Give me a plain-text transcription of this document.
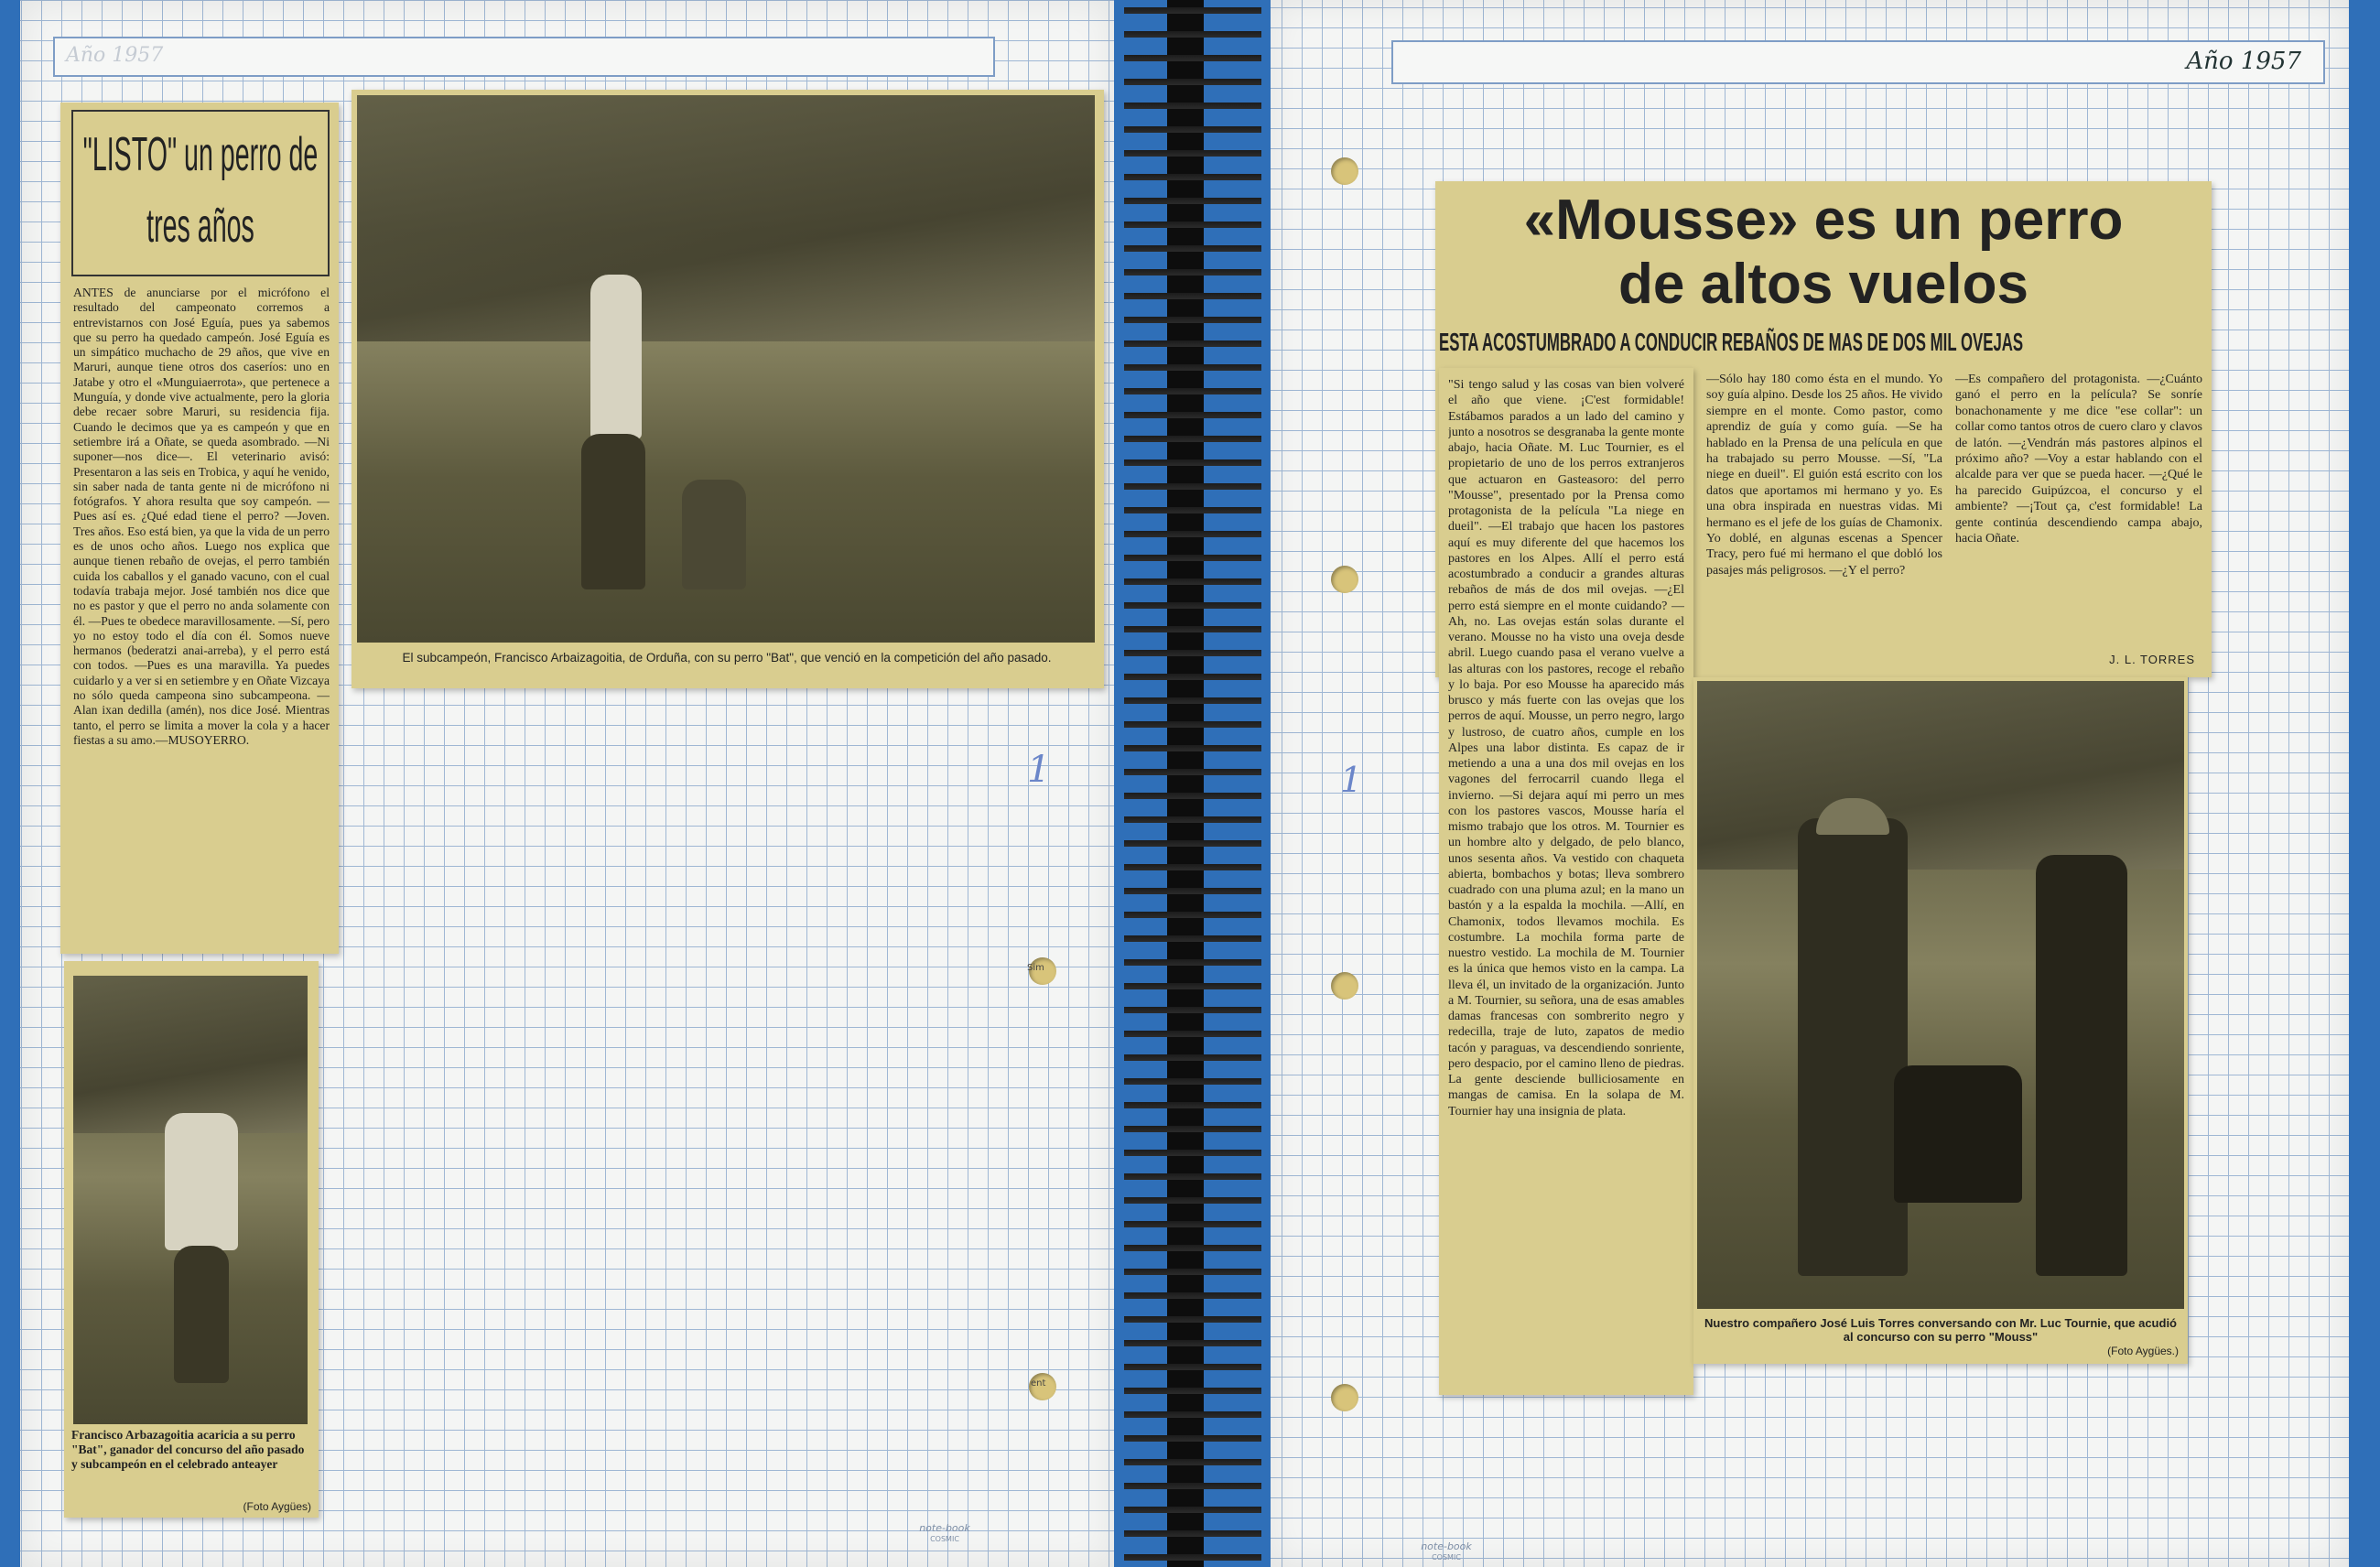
Año 1957
1
Sim
ent
note-book
COSMIC
Año 1957
1
note-book
COSMIC
"LISTO" un perro de tres años
ANTES de anunciarse por el micrófono el resultado del campeonato corremos a entrevistarnos con José Eguía, pues ya sabemos que su perro ha quedado campeón. José Eguía es un simpático muchacho de 29 años, que vive en Maruri, aunque tiene otros dos caseríos: uno en Jatabe y otro el «Munguiaerrota», que pertenece a Munguía, y donde vive actualmente, pero la gloria debe recaer sobre Maruri, su residencia fija. Cuando le decimos que ya es campeón y que en setiembre irá a Oñate, se queda asombrado. —Ni suponer—nos dice—. El veterinario avisó: Presentaron a las seis en Trobica, y aquí he venido, sin saber nada de tanta gente ni de micrófono ni fotógrafos. Y ahora resulta que soy campeón. —Pues así es. ¿Qué edad tiene el perro? —Joven. Tres años. Eso está bien, ya que la vida de un perro es de unos ocho años. Luego nos explica que aunque tienen rebaño de ovejas, el perro también cuida los caballos y el ganado vacuno, con el cual todavía trabaja mejor. José también nos dice que no es pastor y que el perro no anda solamente con él. —Pues te obedece maravillosamente. —Sí, pero yo no estoy todo el día con él. Somos nueve hermanos (bederatzi anai-arreba), y el perro está con todos. —Pues es una maravilla. Ya puedes cuidarlo y a ver si en setiembre y en Oñate Vizcaya no sólo queda campeona sino subcampeona. —Alan ixan dedilla (amén), nos dice José. Mientras tanto, el perro se limita a mover la cola y a hacer fiestas a su amo.—MUSOYERRO.
El subcampeón, Francisco Arbaizagoitia, de Orduña, con su perro "Bat", que venció en la competición del año pasado.
Francisco Arbazagoitia acaricia a su perro "Bat", ganador del concurso del año pasado y subcampeón en el celebrado anteayer
(Foto Aygües)
«Mousse» es un perro
de altos vuelos
ESTA ACOSTUMBRADO A CONDUCIR REBAÑOS DE MAS DE DOS MIL OVEJAS
—Sólo hay 180 como ésta en el mundo. Yo soy guía alpino. Desde los 25 años. He vivido siempre en el monte. Como pastor, como aprendiz de guía y como guía. —Se ha hablado en la Prensa de una película en que ha trabajado su perro Mousse. —Sí, "La niege en dueil". El guión está escrito con los datos que aportamos mi hermano y yo. Es una obra inspirada en nuestras vidas. Mi hermano es el jefe de los guías de Chamonix. Yo doblé, en algunas escenas a Spencer Tracy, pero fué mi hermano el que dobló los pasajes más peligrosos. —¿Y el perro?
—Es compañero del protagonista. —¿Cuánto ganó el perro en la película? Se sonríe bonachonamente y me dice "ese collar": un collar como tantos otros de cuero claro y clavos de latón. —¿Vendrán más pastores alpinos el próximo año? —Voy a estar hablando con el alcalde para ver que se pueda hacer. —¿Qué le ha parecido Guipúzcoa, el concurso y el ambiente? —¡Tout ça, c'est formidable! La gente continúa descendiendo campa abajo, hacia Oñate.
J. L. TORRES
"Si tengo salud y las cosas van bien volveré el año que viene. ¡C'est formidable! Estábamos parados a un lado del camino y junto a nosotros se desgranaba la gente monte abajo, hacia Oñate. M. Luc Tournier, es el propietario de uno de los perros extranjeros que actuaron en Gasteasoro: del perro "Mousse", presentado por la Prensa como protagonista de la película "La niege en dueil". —El trabajo que hacen los pastores aquí es muy diferente del que hacemos los pastores en los Alpes. Allí el perro está acostumbrado a conducir a grandes alturas rebaños de más de dos mil ovejas. —¿El perro está siempre en el monte cuidando? —Ah, no. Las ovejas están solas durante el verano. Mousse no ha visto una oveja desde abril. Luego cuando pasa el verano vuelve a las alturas con los pastores, recoge el rebaño y lo baja. Por eso Mousse ha aparecido más brusco y más fuerte con las ovejas que los perros de aquí. Mousse, un perro negro, largo y lustroso, de cuatro años, cumple en los Alpes una labor distinta. Es capaz de ir metiendo a una a una dos mil ovejas en los vagones del ferrocarril cuando llega el invierno. —Si dejara aquí mi perro un mes con los pastores vascos, Mousse haría el mismo trabajo que los otros. M. Tournier es un hombre alto y delgado, de pelo blanco, unos sesenta años. Va vestido con chaqueta abierta, bombachos y botas; lleva sombrero cuadrado con una pluma azul; en la mano un bastón y a la espalda la mochila. —Allí, en Chamonix, todos llevamos mochila. Es costumbre. La mochila forma parte de nuestro vestido. La mochila de M. Tournier es la única que hemos visto en la campa. La lleva él, un invitado de la organización. Junto a M. Tournier, su señora, una de esas amables damas francesas con sombrerito negro y redecilla, traje de luto, zapatos de medio tacón y paraguas, va descendiendo sonriente, pero despacio, por el camino lleno de piedras. La gente desciende bulliciosamente en mangas de camisa. En la solapa de M. Tournier hay una insignia de plata.
Nuestro compañero José Luis Torres conversando con Mr. Luc Tournie, que acudió al concurso con su perro "Mouss"
(Foto Aygües.)
